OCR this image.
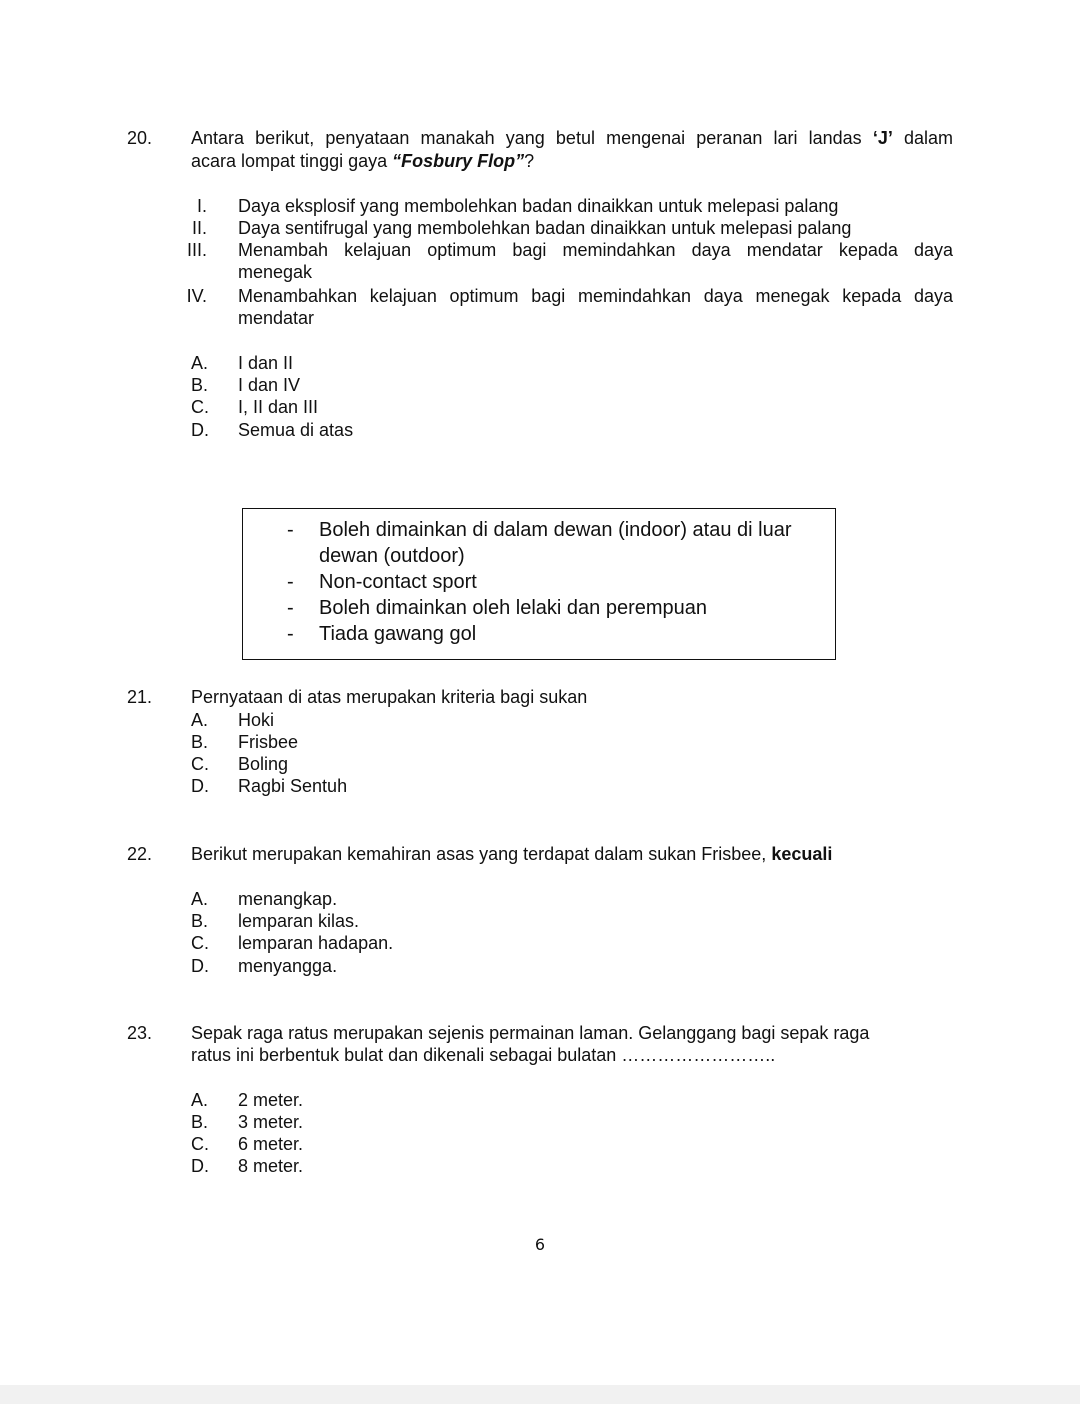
20. Antara berikut, penyataan manakah yang betul mengenai peranan lari landas ‘J’ dalam
acara lompat tinggi gaya “Fosbury Flop”?
I. Daya eksplosif yang membolehkan badan dinaikkan untuk melepasi palang
II. Daya sentifrugal yang membolehkan badan dinaikkan untuk melepasi palang
III. Menambah kelajuan optimum bagi memindahkan daya mendatar kepada daya
menegak
IV. Menambahkan kelajuan optimum bagi memindahkan daya menegak kepada daya
mendatar
A. I dan II
B. I dan IV
C. I, II dan III
D. Semua di atas
- Boleh dimainkan di dalam dewan (indoor) atau di luar
dewan (outdoor)
- Non-contact sport
- Boleh dimainkan oleh lelaki dan perempuan
- Tiada gawang gol
21. Pernyataan di atas merupakan kriteria bagi sukan
A. Hoki
B. Frisbee
C. Boling
D. Ragbi Sentuh
22. Berikut merupakan kemahiran asas yang terdapat dalam sukan Frisbee, kecuali
A. menangkap.
B. lemparan kilas.
C. lemparan hadapan.
D. menyangga.
23. Sepak raga ratus merupakan sejenis permainan laman. Gelanggang bagi sepak raga
ratus ini berbentuk bulat dan dikenali sebagai bulatan ……………………..
A. 2 meter.
B. 3 meter.
C. 6 meter.
D. 8 meter.
6
